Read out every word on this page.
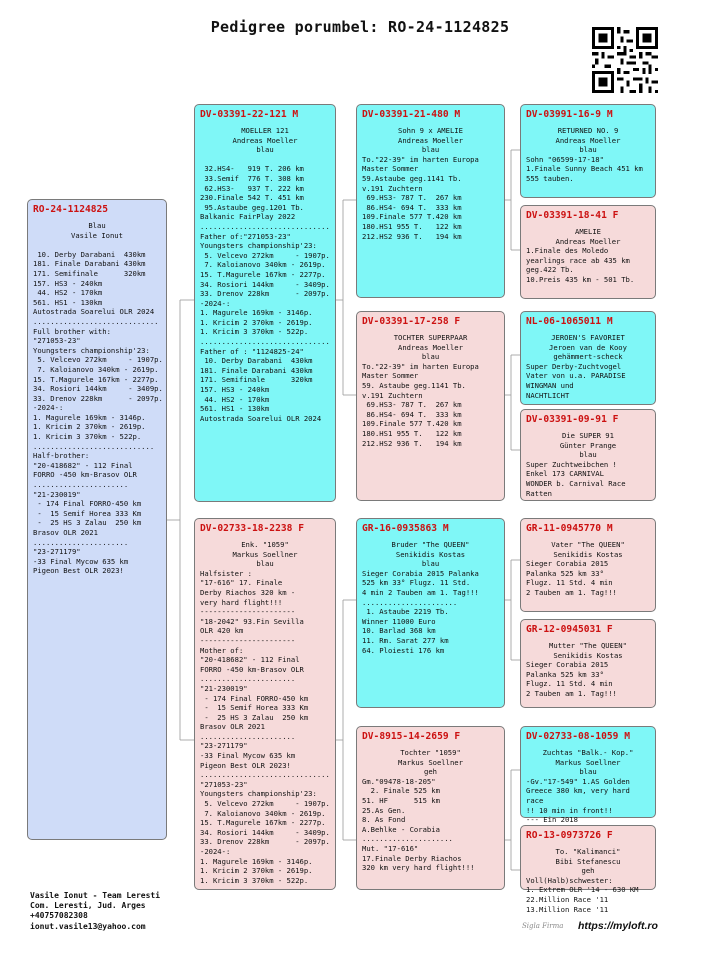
Pedigree porumbel: RO-24-1124825
RO-24-1124825
Blau
Vasile Ionut

10. Derby Darabani  430km
181. Finale Darabani 430km
171. Semifinale      320km
157. HS3 - 240km
44. HS2 - 170km
561. HS1 - 130km
Autostrada Soarelui OLR 2024
.............................
Full brother with:
"271053-23"
Youngsters championship'23:
5. Velcevo 272km     - 1907p.
7. Kaloianovo 340km - 2619p.
15. T.Magurele 167km - 2277p.
34. Rosiori 144km     - 3409p.
33. Drenov 228km      - 2097p.
-2024-:
1. Magurele 169km - 3146p.
1. Kricim 2 370km - 2619p.
1. Kricim 3 370km - 522p.
............................
Half-brother:
"20-418682" - 112 Final
FORRO -450 km-Brasov OLR
......................
"21-230019"
- 174 Final FORRO-450 km
-  15 Semif Horea 333 Km
-  25 HS 3 Zalau  250 km
Brasov OLR 2021
......................
"23-271179"
-33 Final Mycow 635 km
Pigeon Best OLR 2023!
DV-03391-22-121 M
MOELLER 121
Andreas Moeller
blau

32.HS4-   919 T. 206 km
33.Semif  776 T. 308 km
62.HS3-   937 T. 222 km
230.Finale 542 T. 451 km
95.Astaube geg.1201 Tb.
Balkanic FairPlay 2022
..............................
Father of:"271053-23"
Youngsters championship'23:
5. Velcevo 272km     - 1907p.
7. Kaloianovo 340km - 2619p.
15. T.Magurele 167km - 2277p.
34. Rosiori 144km     - 3409p.
33. Drenov 228km      - 2097p.
-2024-:
1. Magurele 169km - 3146p.
1. Kricim 2 370km - 2619p.
1. Kricim 3 370km - 522p.
..............................
Father of : "1124825-24"
10. Derby Darabani  430km
181. Finale Darabani 430km
171. Semifinale      320km
157. HS3 - 240km
44. HS2 - 170km
561. HS1 - 130km
Autostrada Soarelui OLR 2024
DV-02733-18-2238 F
Enk. "1059"
Markus Soellner
blau
Halfsister :
"17-616" 17. Finale
Derby Riachos 320 km -
very hard flight!!!
----------------------
"18-2042" 93.Fin Sevilla
OLR 420 km
----------------------
Mother of:
"20-418682" - 112 Final
FORRO -450 km-Brasov OLR
......................
"21-230019"
- 174 Final FORRO-450 km
-  15 Semif Horea 333 Km
-  25 HS 3 Zalau  250 km
Brasov OLR 2021
......................
"23-271179"
-33 Final Mycow 635 km
Pigeon Best OLR 2023!
..............................
"271053-23"
Youngsters championship'23:
5. Velcevo 272km     - 1907p.
7. Kaloianovo 340km - 2619p.
15. T.Magurele 167km - 2277p.
34. Rosiori 144km     - 3409p.
33. Drenov 228km      - 2097p.
-2024-:
1. Magurele 169km - 3146p.
1. Kricim 2 370km - 2619p.
1. Kricim 3 370km - 522p.
DV-03391-21-480 M
Sohn 9 x AMELIE
Andreas Moeller
blau
To."22-39" im harten Europa
Master Sommer
59.Astaube geg.1141 Tb.
v.191 Zuchtern
69.HS3- 787 T.  267 km
86.HS4- 694 T.  333 km
109.Finale 577 T.420 km
180.HS1 955 T.   122 km
212.HS2 936 T.   194 km
DV-03391-17-258 F
TOCHTER SUPERPAAR
Andreas Moeller
blau
To."22-39" im harten Europa
Master Sommer
59. Astaube geg.1141 Tb.
v.191 Zuchtern
69.HS3- 787 T.  267 km
86.HS4- 694 T.  333 km
109.Finale 577 T.420 km
180.HS1 955 T.   122 km
212.HS2 936 T.   194 km
GR-16-0935863 M
Bruder "The QUEEN"
Senikidis Kostas
blau
Sieger Corabia 2015 Palanka
525 km 33° Flugz. 11 Std.
4 min 2 Tauben am 1. Tag!!!
......................
1. Astaube 2219 Tb.
Winner 11000 Euro
10. Barlad 368 km
11. Rm. Sarat 277 km
64. Ploiesti 176 km
DV-8915-14-2659 F
Tochter "1059"
Markus Soellner
geh
Gm."09478-18-205"
2. Finale 525 km
51. HF      515 km
25.As Gen.
8. As Fond
A.Behlke - Corabia
.....................
Mut. "17-616"
17.Finale Derby Riachos
320 km very hard flight!!!
DV-03991-16-9 M
RETURNED NO. 9
Andreas Moeller
blau
Sohn "06599-17-18"
1.Finale Sunny Beach 451 km
555 tauben.
DV-03391-18-41 F
AMELIE
Andreas Moeller
1.Finale des Moledo
yearlings race ab 435 km
geg.422 Tb.
10.Preis 435 km - 501 Tb.
NL-06-1065011 M
JEROEN'S FAVORIET
Jeroen van de Kooy
gehämmert-scheck
Super Derby-Zuchtvogel
Vater von u.a. PARADISE
WINGMAN und
NACHTLICHT
DV-03391-09-91 F
Die SUPER 91
Günter Prange
blau
Super Zuchtweibchen !
Enkel 173 CARNIVAL
WONDER b. Carnival Race
Ratten
GR-11-0945770 M
Vater "The QUEEN"
Senikidis Kostas
Sieger Corabia 2015
Palanka 525 km 33°
Flugz. 11 Std. 4 min
2 Tauben am 1. Tag!!!
GR-12-0945031 F
Mutter "The QUEEN"
Senikidis Kostas
Sieger Corabia 2015
Palanka 525 km 33°
Flugz. 11 Std. 4 min
2 Tauben am 1. Tag!!!
DV-02733-08-1059 M
Zuchtas "Balk.- Kop."
Markus Soellner
blau
-Gv."17-549" 1.AS Golden
Greece 380 km, very hard race
!! 10 min in front!!
--- Ein 2018
RO-13-0973726 F
To. "Kalimanci"
Bibi Stefanescu
geh
Voll(Halb)schwester:
1. Extrem OLR '14 - 630 KM
22.Million Race '11
13.Million Race '11
Vasile Ionut - Team Leresti
Com. Leresti, Jud. Arges
+40757082308
ionut.vasile13@yahoo.com	Sigla Firma https://myloft.ro
